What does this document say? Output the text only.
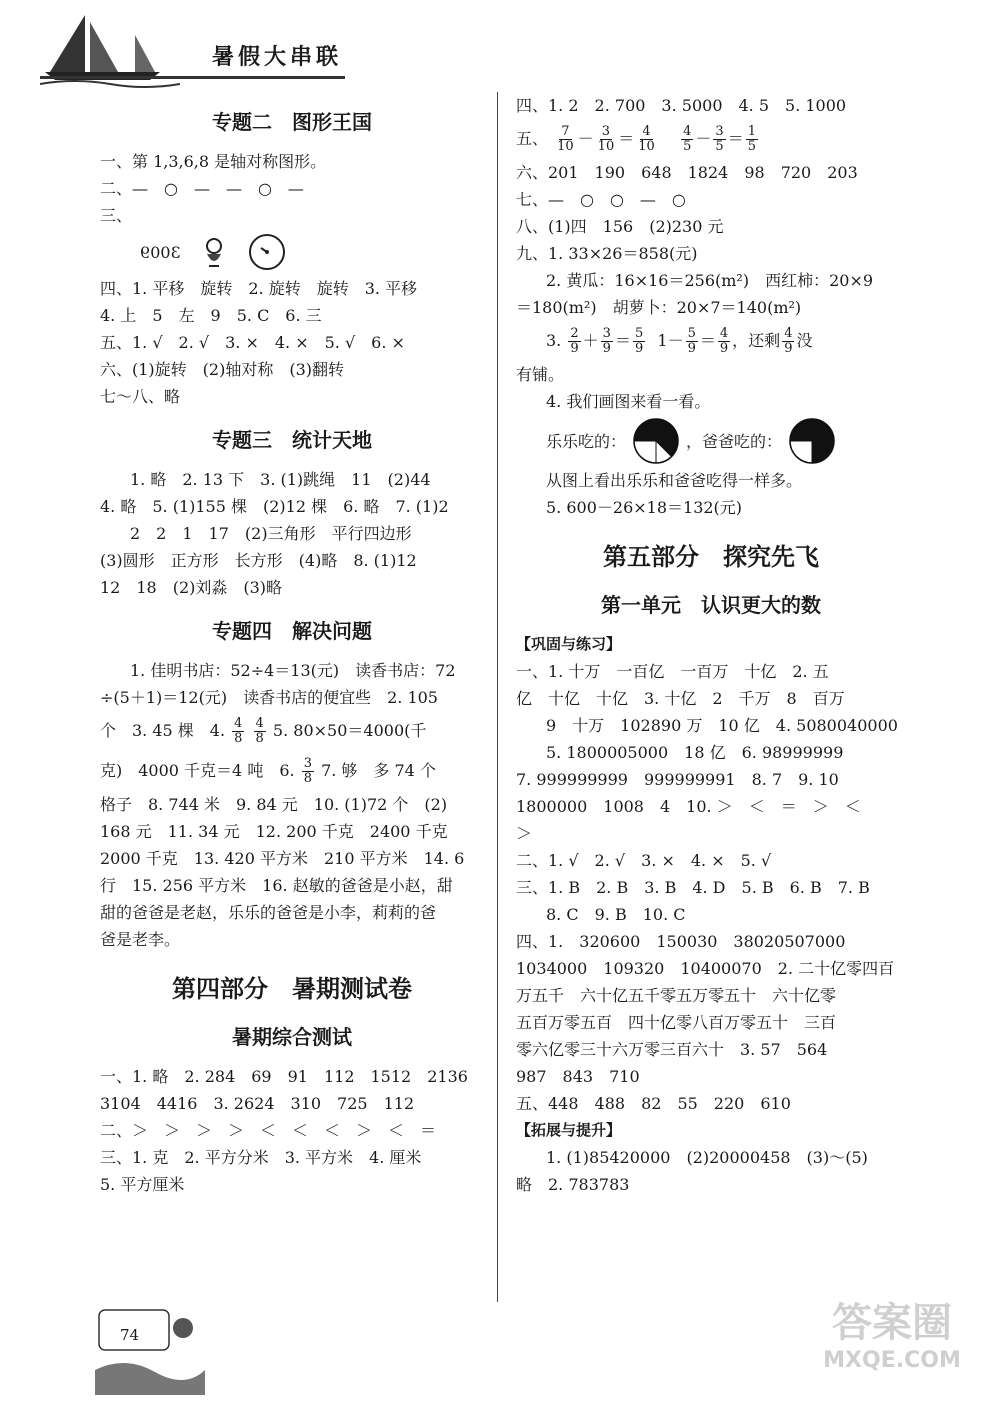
暑假大串联
专题二　图形王国
一、第 1,3,6,8 是轴对称图形。
二、—　○　—　—　○　—
三、
3009
四、1. 平移　旋转　2. 旋转　旋转　3. 平移
4. 上　5　左　9　5. C　6. 三
五、1. √　2. √　3. ×　4. ×　5. √　6. ×
六、(1)旋转　(2)轴对称　(3)翻转
七～八、略
专题三　统计天地
1. 略　2. 13 下　3. (1)跳绳　11　(2)44
4. 略　5. (1)155 棵　(2)12 棵　6. 略　7. (1)2
2　2　1　17　(2)三角形　平行四边形
(3)圆形　正方形　长方形　(4)略　8. (1)12
12　18　(2)刘淼　(3)略
专题四　解决问题
1. 佳明书店：52÷4＝13(元)　读香书店：72
÷(5＋1)＝12(元)　读香书店的便宜些　2. 105
个　3. 45 棵　4. $\frac{4}{8}$
$\frac{4}{8} 5$. 80×50＝4000(千
克)　4000 千克＝4 吨　6. $\frac{3}{8} 7$. 够　多 74 个
格子　8. 744 米　9. 84 元　10. (1)72 个　(2)
168 元　11. 34 元　12. 200 千克　2400 千克
2000 千克　13. 420 平方米　210 平方米　14. 6
行　15. 256 平方米　16. 赵敏的爸爸是小赵，甜
甜的爸爸是老赵，乐乐的爸爸是小李，莉莉的爸
爸是老李。
第四部分　暑期测试卷
暑期综合测试
一、1. 略　2. 284　69　91　112　1512　2136
3104　4416　3. 2624　310　725　112
二、＞　＞　＞　＞　＜　＜　＜　＞　＜　＝
三、1. 克　2. 平方分米　3. 平方米　4. 厘米
5. 平方厘米
74
四、1. 2　2. 700　3. 5000　4. 5　5. 1000
五、 $\frac{7}{10} - \frac{3}{10} = \frac{4}{10}$
$\frac{4}{5} - \frac{3}{5} = \frac{1}{5}$
六、201　190　648　1824　98　720　203
七、—　○　○　—　○
八、(1)四　156　(2)230 元
九、1. 33×26＝858(元)
2. 黄瓜：16×16＝256(m²)　西红柿：20×9
＝180(m²)　胡萝卜：20×7＝140(m²)
3. $\frac{2}{9} + \frac{3}{9} = \frac{5}{9} 1- \frac{5}{9} = \frac{4}{9}$ ，还剩 $\frac{4}{9}$ 没
有铺。
4. 我们画图来看一看。
乐乐吃的：	，爸爸吃的：
从图上看出乐乐和爸爸吃得一样多。
5. 600－26×18＝132(元)
第五部分　探究先飞
第一单元　认识更大的数
【巩固与练习】
一、1. 十万　一百亿　一百万　十亿　2. 五
亿　十亿　十亿　3. 十亿　2　千万　8　百万
9　十万　102890 万　10 亿　4. 5080040000
5. 1800005000　18 亿　6. 98999999
7. 999999999　999999991　8. 7　9. 10
1800000　1008　4　10. ＞　＜　＝　＞　＜
＞
二、1. √　2. √　3. ×　4. ×　5. √
三、1. B　2. B　3. B　4. D　5. B　6. B　7. B
8. C　9. B　10. C
四、1.　320600　150030　38020507000
1034000　109320　10400070　2. 二十亿零四百
万五千　六十亿五千零五万零五十　六十亿零
五百万零五百　四十亿零八百万零五十　三百
零六亿零三十六万零三百六十　3. 57　564
987　843　710
五、448　488　82　55　220　610
【拓展与提升】
1. (1)85420000　(2)20000458　(3)～(5)
略　2. 783783
答案圈
MXQE.COM
